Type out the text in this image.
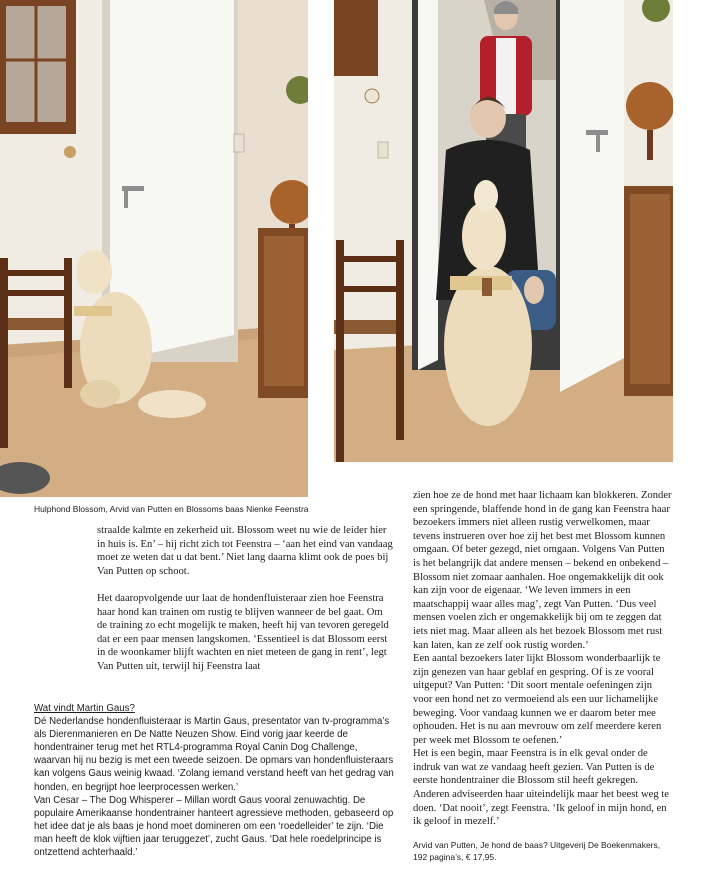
Hulphond Blossom, Arvid van Putten en Blossoms baas Nienke Feenstra

straalde kalmte en zekerheid uit. Blossom weet nu wie de leider hier in huis is. En’ – hij richt zich tot Feenstra – ‘aan het eind van vandaag moet ze weten dat u dat bent.’ Niet lang daarna klimt ook de poes bij Van Putten op schoot.

Het daaropvolgende uur laat de hondenfluisteraar zien hoe Feenstra haar hond kan trainen om rustig te blijven wanneer de bel gaat. Om de training zo echt mogelijk te maken, heeft hij van tevoren geregeld dat er een paar mensen langskomen. ‘Essentieel is dat Blossom eerst in de woonkamer blijft wachten en niet meteen de gang in rent’, legt Van Putten uit, terwijl hij Feenstra laat

Wat vindt Martin Gaus?

Dé Nederlandse hondenfluisteraar is Martin Gaus, presentator van tv-programma’s als Dierenmanieren en De Natte Neuzen Show. Eind vorig jaar keerde de hondentrainer terug met het RTL4-programma Royal Canin Dog Challenge, waarvan hij nu bezig is met een tweede seizoen. De opmars van hondenfluisteraars kan volgens Gaus weinig kwaad. ‘Zolang iemand verstand heeft van het gedrag van honden, en begrijpt hoe leerprocessen werken.’

Van Cesar – The Dog Whisperer – Millan wordt Gaus vooral zenuwachtig. De populaire Amerikaanse hondentrainer hanteert agressieve methoden, gebaseerd op het idee dat je als baas je hond moet domineren om een ‘roedelleider’ te zijn. ‘Die man heeft de klok vijftien jaar teruggezet’, zucht Gaus. ‘Dat hele roedelprincipe is ontzettend achterhaald.’

zien hoe ze de hond met haar lichaam kan blokkeren. Zonder een springende, blaffende hond in de gang kan Feenstra haar bezoekers immers niet alleen rustig verwelkomen, maar tevens instrueren over hoe zij het best met Blossom kunnen omgaan. Of beter gezegd, niet omgaan. Volgens Van Putten is het belangrijk dat andere mensen – bekend en onbekend – Blossom niet zomaar aanhalen. Hoe ongemakkelijk dit ook kan zijn voor de eigenaar. ‘We leven immers in een maatschappij waar alles mag’, zegt Van Putten. ‘Dus veel mensen voelen zich er ongemakkelijk bij om te zeggen dat iets niet mag. Maar alleen als het bezoek Blossom met rust kan laten, kan ze zelf ook rustig worden.’

Een aantal bezoekers later lijkt Blossom wonderbaarlijk te zijn genezen van haar geblaf en gespring. Of is ze vooral uitgeput? Van Putten: ‘Dit soort mentale oefeningen zijn voor een hond net zo vermoeiend als een uur lichamelijke beweging. Voor vandaag kunnen we er daarom beter mee ophouden. Het is nu aan mevrouw om zelf meerdere keren per week met Blossom te oefenen.’

Het is een begin, maar Feenstra is in elk geval onder de indruk van wat ze vandaag heeft gezien. Van Putten is de eerste hondentrainer die Blossom stil heeft gekregen. Anderen adviseerden haar uiteindelijk maar het beest weg te doen. ‘Dat nooit’, zegt Feenstra. ‘Ik geloof in mijn hond, en ik geloof in mezelf.’

Arvid van Putten, Je hond de baas? Uitgeverij De Boekenmakers,

192 pagina’s, € 17,95.
